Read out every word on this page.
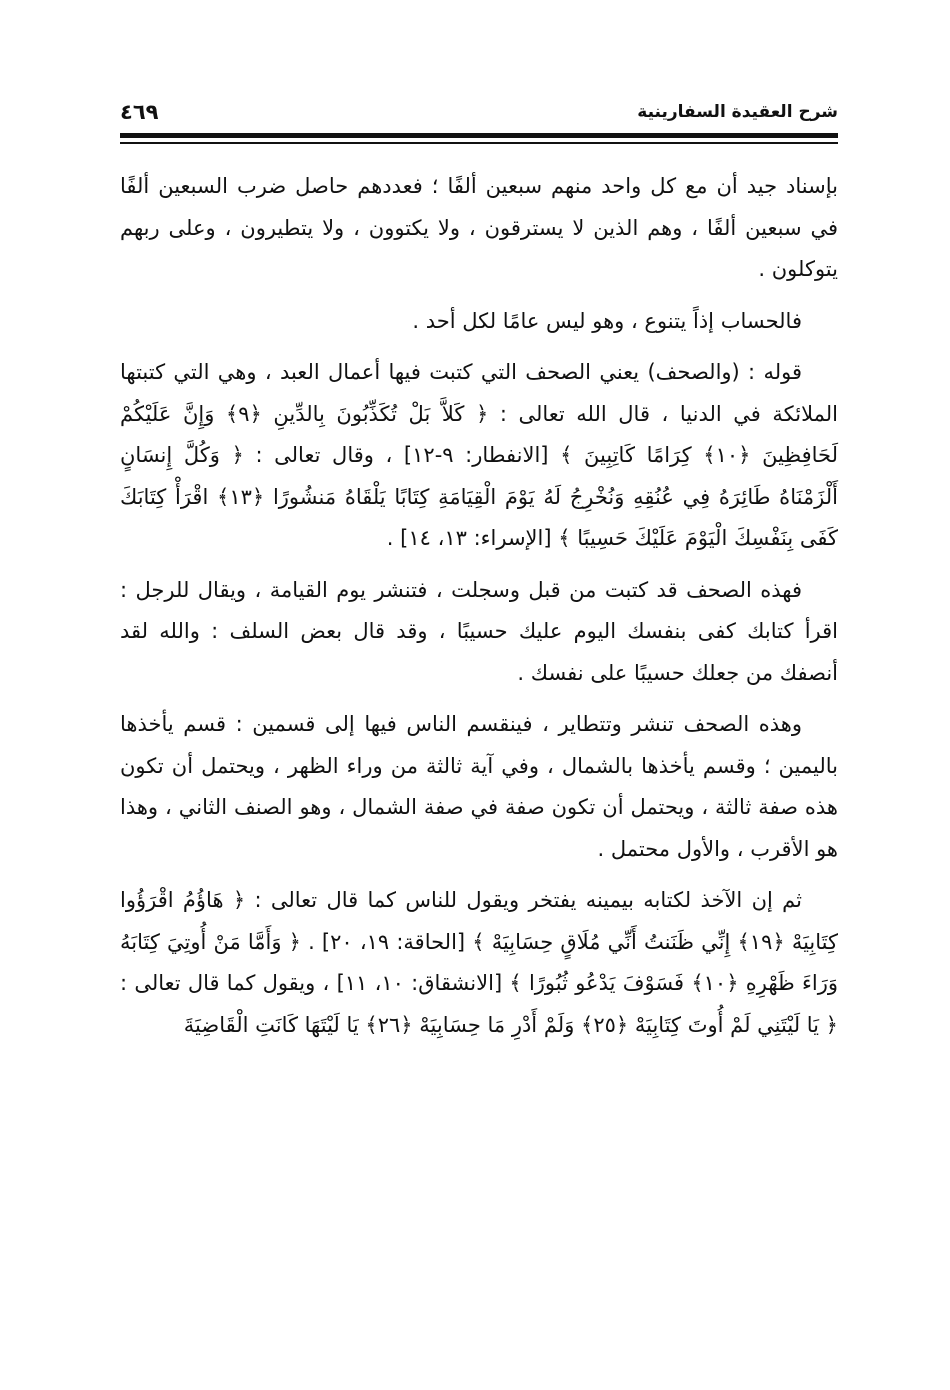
شرح العقيدة السفارينية
٤٦٩

بإسناد جيد أن مع كل واحد منهم سبعين ألفًا ؛ فعددهم حاصل ضرب السبعين ألفًا في سبعين ألفًا ، وهم الذين لا يسترقون ، ولا يكتوون ، ولا يتطيرون ، وعلى ربهم يتوكلون .

فالحساب إذاً يتنوع ، وهو ليس عامًا لكل أحد .

قوله : (والصحف) يعني الصحف التي كتبت فيها أعمال العبد ، وهي التي كتبتها الملائكة في الدنيا ، قال الله تعالى : ﴿ كَلاَّ بَلْ تُكَذِّبُونَ بِالدِّينِ ﴿٩﴾ وَإِنَّ عَلَيْكُمْ لَحَافِظِينَ ﴿١٠﴾ كِرَامًا كَاتِبِينَ ﴾ [الانفطار: ٩-١٢] ، وقال تعالى : ﴿ وَكُلَّ إِنسَانٍ أَلْزَمْنَاهُ طَائِرَهُ فِي عُنُقِهِ وَنُخْرِجُ لَهُ يَوْمَ الْقِيَامَةِ كِتَابًا يَلْقَاهُ مَنشُورًا ﴿١٣﴾ اقْرَأْ كِتَابَكَ كَفَى بِنَفْسِكَ الْيَوْمَ عَلَيْكَ حَسِيبًا ﴾ [الإسراء: ١٣، ١٤] .

فهذه الصحف قد كتبت من قبل وسجلت ، فتنشر يوم القيامة ، ويقال للرجل : اقرأ كتابك كفى بنفسك اليوم عليك حسيبًا ، وقد قال بعض السلف : والله لقد أنصفك من جعلك حسيبًا على نفسك .

وهذه الصحف تنشر وتتطاير ، فينقسم الناس فيها إلى قسمين : قسم يأخذها باليمين ؛ وقسم يأخذها بالشمال ، وفي آية ثالثة من وراء الظهر ، ويحتمل أن تكون هذه صفة ثالثة ، ويحتمل أن تكون صفة في صفة الشمال ، وهو الصنف الثاني ، وهذا هو الأقرب ، والأول محتمل .

ثم إن الآخذ لكتابه بيمينه يفتخر ويقول للناس كما قال تعالى : ﴿ هَاؤُمُ اقْرَؤُوا كِتَابِيَهْ ﴿١٩﴾ إِنِّي ظَنَنتُ أَنِّي مُلَاقٍ حِسَابِيَهْ ﴾ [الحاقة: ١٩، ٢٠] . ﴿ وَأَمَّا مَنْ أُوتِيَ كِتَابَهُ وَرَاءَ ظَهْرِهِ ﴿١٠﴾ فَسَوْفَ يَدْعُو ثُبُورًا ﴾ [الانشقاق: ١٠، ١١] ، ويقول كما قال تعالى : ﴿ يَا لَيْتَنِي لَمْ أُوتَ كِتَابِيَهْ ﴿٢٥﴾ وَلَمْ أَدْرِ مَا حِسَابِيَهْ ﴿٢٦﴾ يَا لَيْتَهَا كَانَتِ الْقَاضِيَةَ
